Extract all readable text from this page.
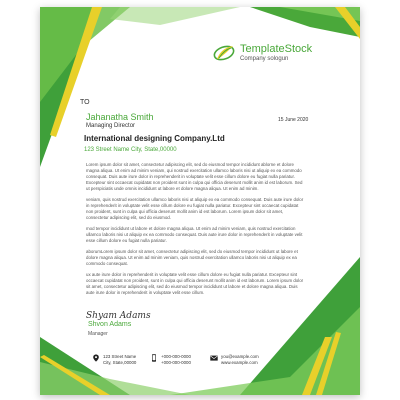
TemplateStock
Company sologun
TO
Jahanatha Smith
Managing Director
15 June 2020
International designing Company.Ltd
123 Street Name City, State,00000

Lorem ipsum dolor sit amet, consectetur adipiscing elit, sed do eiusmod tempor incididunt ablorne et dolore magna aliqua. Ut enim ad minim veniam, qui nostrud exercitation ullamco laboris nisi ut aliquip ex ea commodo consequat. Duis aute irure dolor in reprehenderit in voluptate velit esse cillum dolore eu fugiat nulla pariatur. Excepteur sint occaecat cupidatat non proident sunt in culpa qui officia deserunt mollit anim id est laborum. Sed ut perspiciatis unde omnis incididunt ut labore et dolore magna aliqua. Ut enim ad minim.

veniam, quis nostrud exercitation ullamco laboris nisi ut aliquip ex ea commodo consequat. Duis aute irure dolor in reprehenderit in voluptate velit esse cillum dolore eu fugiat nulla pariatur. Excepteur sint occaecat cupidatat non proident, sunt in culpa qui officia deserunt mollit anim id est laborum. Lorem ipsum dolor sit amet, consectetur adipiscing elit, sed do eiusmod.

mod tempor incididunt ut labore et dolore magna aliqua. Ut enim ad minim veniam, quis nostrud exercitation ullamco laboris nisi ut aliquip ex ea commodo consequat. Duis aute irure dolor in reprehenderit in voluptate velit esse cillum dolore eu fugiat nulla pariatur.

aborumLorem ipsum dolor sit amet, consectetur adipiscing elit, sed do eiusmod tempor incididunt ut labore et dolore magna aliqua. Ut enim ad minim veniam, quis nostrud exercitation ullamco laboris nisi ut aliquip ex ea commodo consequat.

ux aute irure dolor in reprehenderit in voluptate velit esse cillum dolore eu fugiat nulla pariatur. Excepteur sint occaecat cupidatat non proident, sunt in culpa qui officia deserunt mollit anim id est laborum. Lorem ipsum dolor sit amet, consectetur adipiscing elit, sed do eiusmod tempor incididunt ut labore et dolore magna aliqua. Duis aute irure dolor in reprehenderit in voluptate velit esse cillum.

Shyam Adams
Shvon Adams
Manager
123 Street Name
City, State,00000
+000-000-0000
+000-000-0000
you@example.com
www.example.com
